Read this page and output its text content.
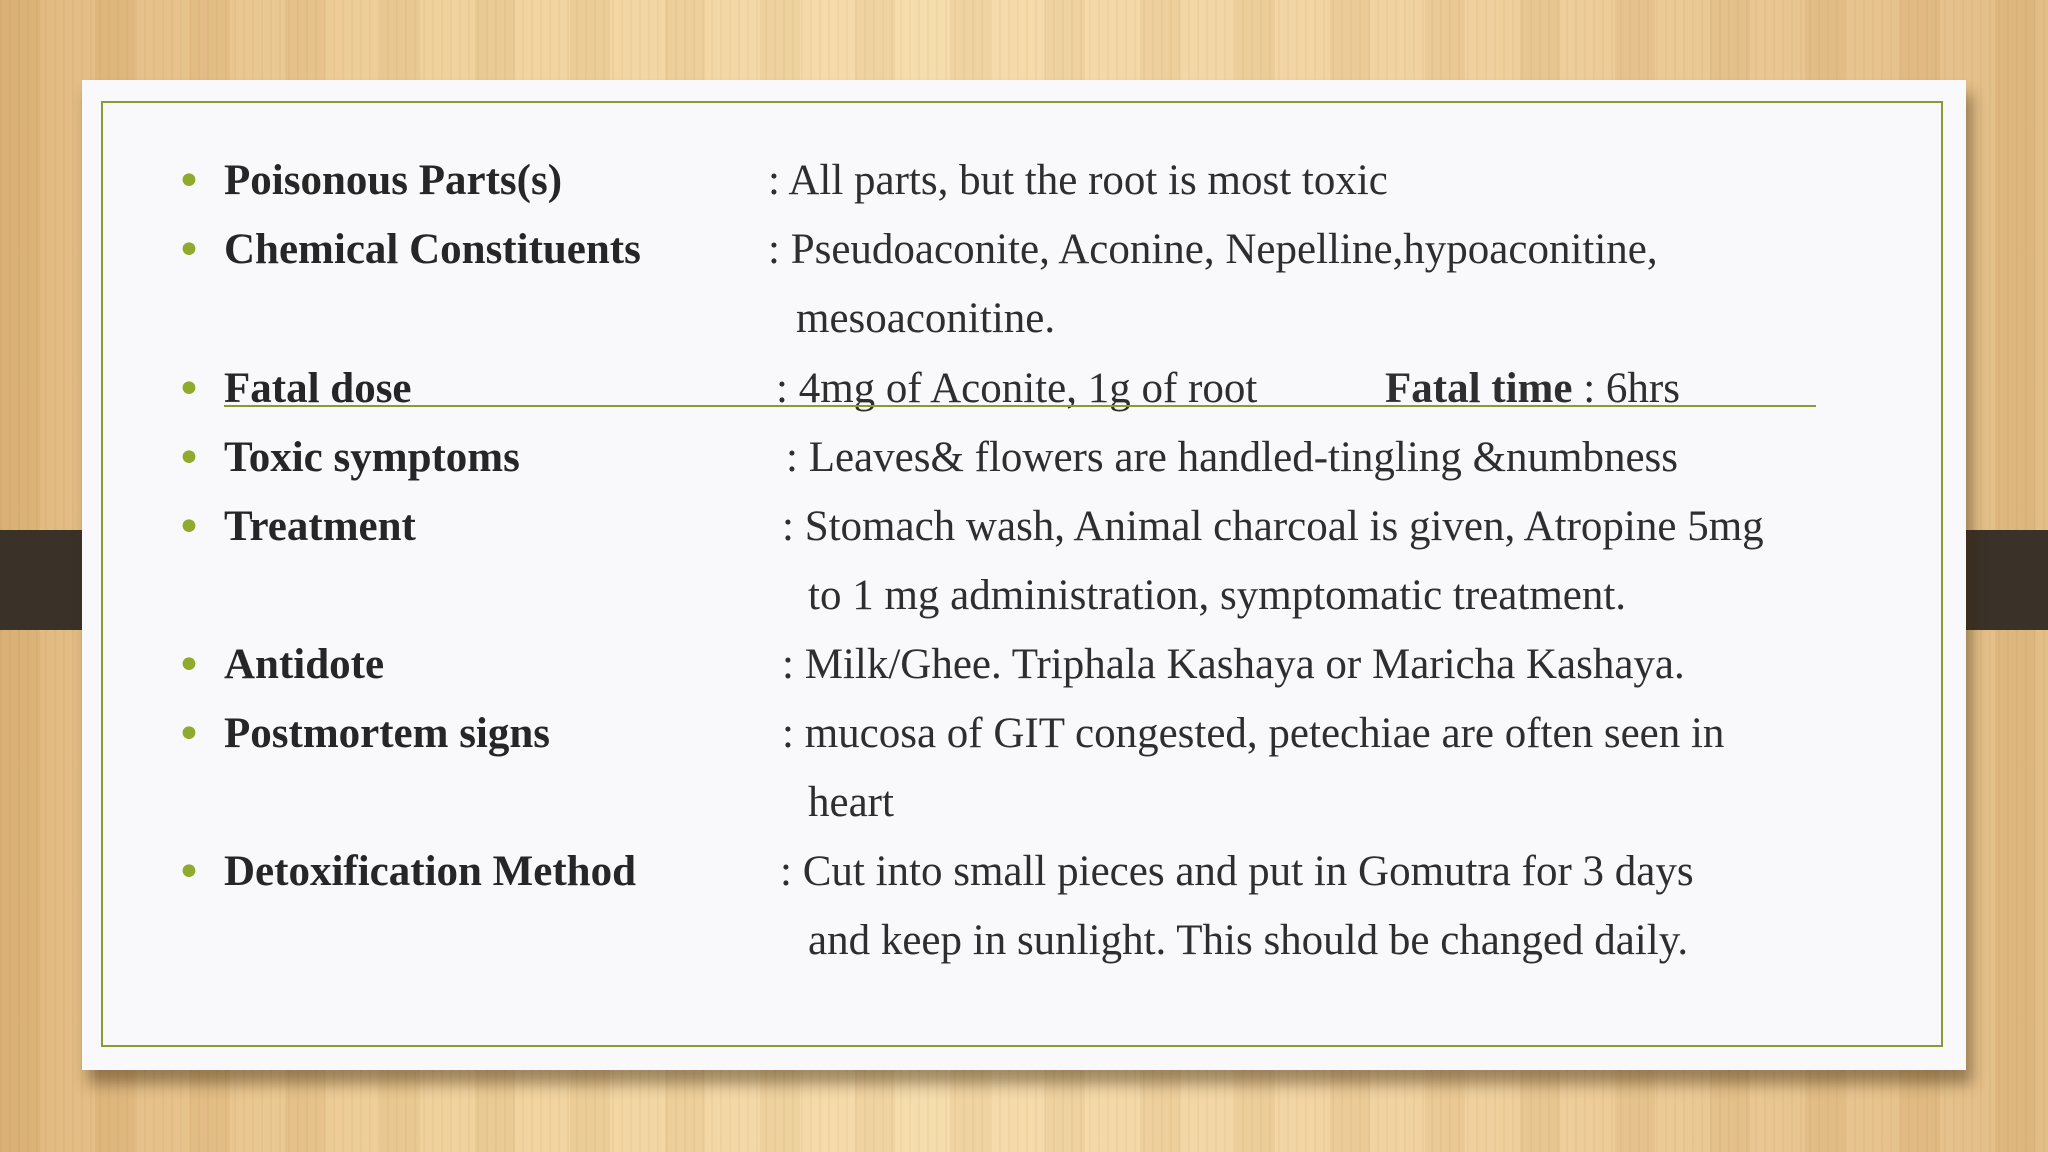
• Poisonous Parts(s)	: All parts, but the root is most toxic
• Chemical Constituents	: Pseudoaconite, Aconine, Nepelline,hypoaconitine,
mesoaconitine.
• Fatal dose	: 4mg of Aconite, 1g of root	Fatal time : 6hrs
• Toxic symptoms	: Leaves& flowers are handled-tingling &numbness
• Treatment	: Stomach wash, Animal charcoal is given, Atropine 5mg
to 1 mg administration, symptomatic treatment.
• Antidote	: Milk/Ghee. Triphala Kashaya or Maricha Kashaya.
• Postmortem signs	: mucosa of GIT congested, petechiae are often seen in
heart
• Detoxification Method	: Cut into small pieces and put in Gomutra for 3 days
and keep in sunlight. This should be changed daily.
